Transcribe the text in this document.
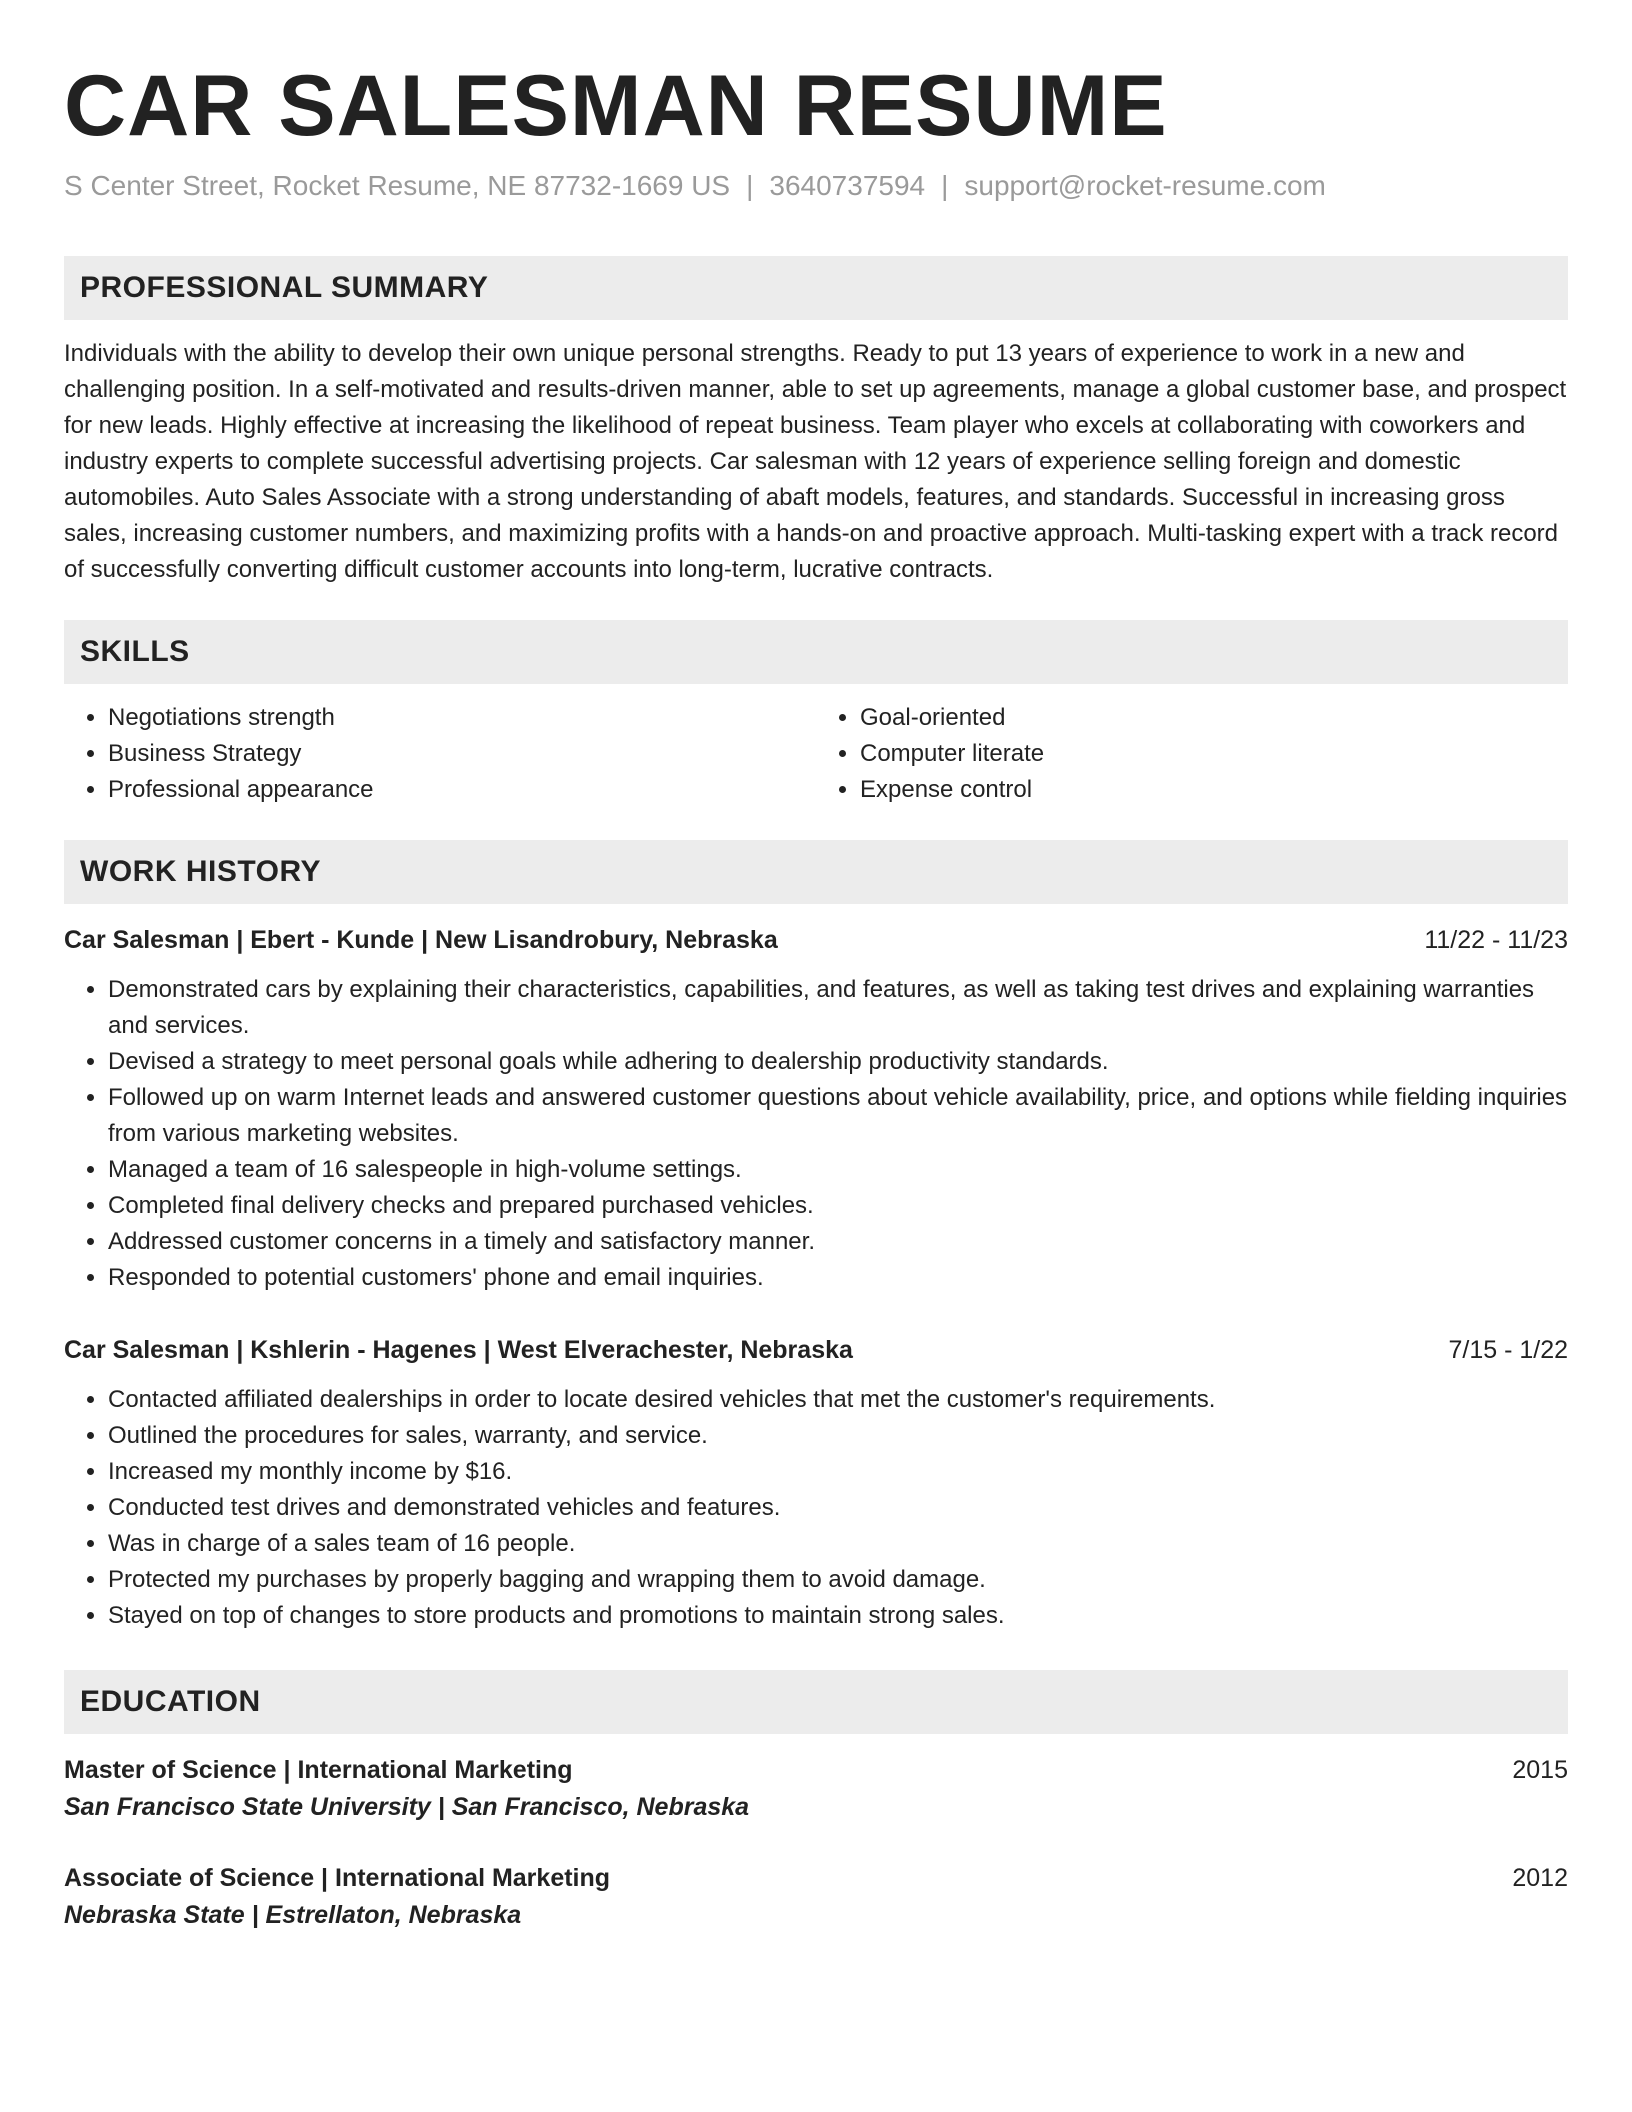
CAR SALESMAN RESUME
S Center Street, Rocket Resume, NE 87732-1669 US | 3640737594 | support@rocket-resume.com
PROFESSIONAL SUMMARY
Individuals with the ability to develop their own unique personal strengths. Ready to put 13 years of experience to work in a new and challenging position. In a self-motivated and results-driven manner, able to set up agreements, manage a global customer base, and prospect for new leads. Highly effective at increasing the likelihood of repeat business. Team player who excels at collaborating with coworkers and industry experts to complete successful advertising projects. Car salesman with 12 years of experience selling foreign and domestic automobiles. Auto Sales Associate with a strong understanding of abaft models, features, and standards. Successful in increasing gross sales, increasing customer numbers, and maximizing profits with a hands-on and proactive approach. Multi-tasking expert with a track record of successfully converting difficult customer accounts into long-term, lucrative contracts.
SKILLS
• Negotiations strength
• Business Strategy
• Professional appearance
• Goal-oriented
• Computer literate
• Expense control
WORK HISTORY
Car Salesman | Ebert - Kunde | New Lisandrobury, Nebraska	11/22 - 11/23
• Demonstrated cars by explaining their characteristics, capabilities, and features, as well as taking test drives and explaining warranties and services.
• Devised a strategy to meet personal goals while adhering to dealership productivity standards.
• Followed up on warm Internet leads and answered customer questions about vehicle availability, price, and options while fielding inquiries from various marketing websites.
• Managed a team of 16 salespeople in high-volume settings.
• Completed final delivery checks and prepared purchased vehicles.
• Addressed customer concerns in a timely and satisfactory manner.
• Responded to potential customers' phone and email inquiries.
Car Salesman | Kshlerin - Hagenes | West Elverachester, Nebraska	7/15 - 1/22
• Contacted affiliated dealerships in order to locate desired vehicles that met the customer's requirements.
• Outlined the procedures for sales, warranty, and service.
• Increased my monthly income by $16.
• Conducted test drives and demonstrated vehicles and features.
• Was in charge of a sales team of 16 people.
• Protected my purchases by properly bagging and wrapping them to avoid damage.
• Stayed on top of changes to store products and promotions to maintain strong sales.
EDUCATION
Master of Science | International Marketing	2015
San Francisco State University | San Francisco, Nebraska
Associate of Science | International Marketing	2012
Nebraska State | Estrellaton, Nebraska
